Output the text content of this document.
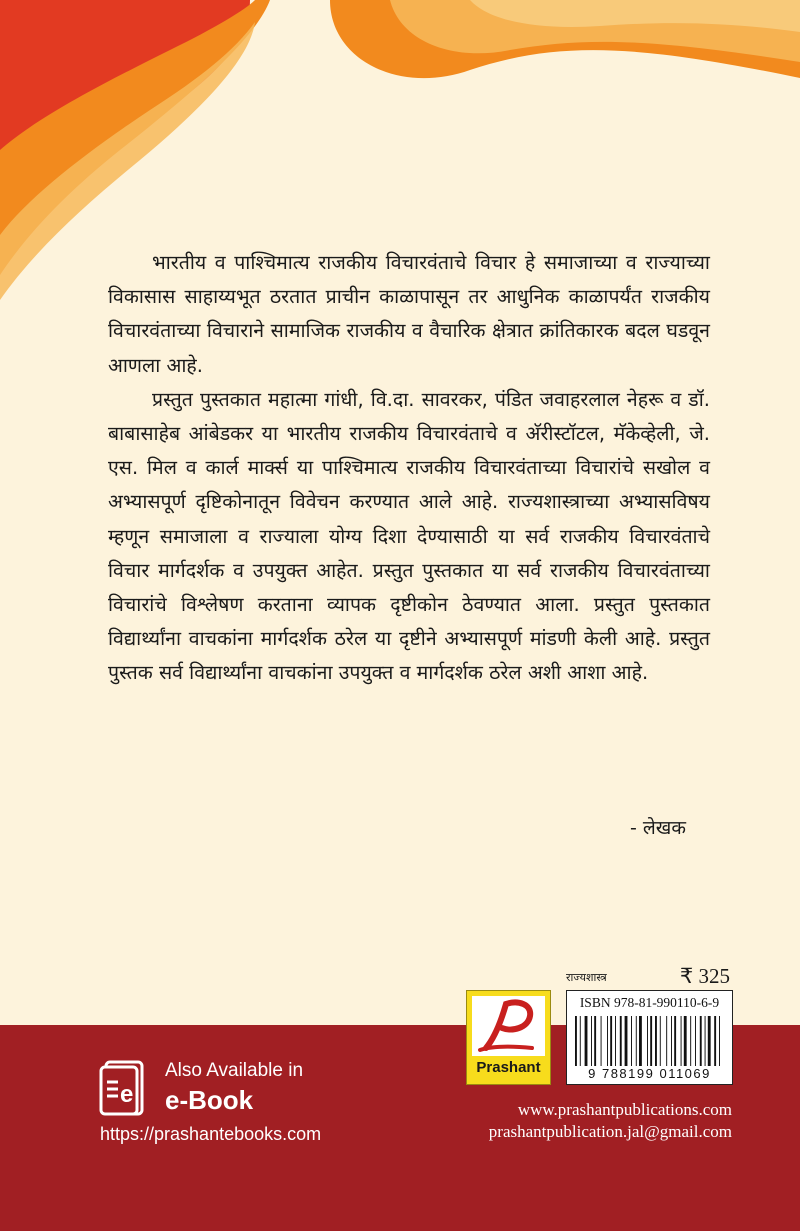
भारतीय व पाश्चिमात्य राजकीय विचारवंताचे विचार हे समाजाच्या व राज्याच्या विकासास साहाय्यभूत ठरतात प्राचीन काळापासून तर आधुनिक काळापर्यंत राजकीय विचारवंताच्या विचाराने सामाजिक राजकीय व वैचारिक क्षेत्रात क्रांतिकारक बदल घडवून आणला आहे.

प्रस्तुत पुस्तकात महात्मा गांधी, वि.दा. सावरकर, पंडित जवाहरलाल नेहरू व डॉ. बाबासाहेब आंबेडकर या भारतीय राजकीय विचारवंताचे व अ‍ॅरीस्टॉटल, मॅकेव्हेली, जे. एस. मिल व कार्ल मार्क्स या पाश्चिमात्य राजकीय विचारवंताच्या विचारांचे सखोल व अभ्यासपूर्ण दृष्टिकोनातून विवेचन करण्यात आले आहे. राज्यशास्त्राच्या अभ्यासविषय म्हणून समाजाला व राज्याला योग्य दिशा देण्यासाठी या सर्व राजकीय विचारवंताचे विचार मार्गदर्शक व उपयुक्त आहेत. प्रस्तुत पुस्तकात या सर्व राजकीय विचारवंताच्या विचारांचे विश्लेषण करताना व्यापक दृष्टीकोन ठेवण्यात आला. प्रस्तुत पुस्तकात विद्यार्थ्यांना वाचकांना मार्गदर्शक ठरेल या दृष्टीने अभ्यासपूर्ण मांडणी केली आहे. प्रस्तुत पुस्तक सर्व विद्यार्थ्यांना वाचकांना उपयुक्त व मार्गदर्शक ठरेल अशी आशा आहे.

- लेखक
e
Also Available in
e-Book
https://prashantebooks.com
www.prashantpublications.com
prashantpublication.jal@gmail.com
राज्यशास्त्र	₹ 325
Prashant
ISBN 978-81-990110-6-9
9 788199 011069
